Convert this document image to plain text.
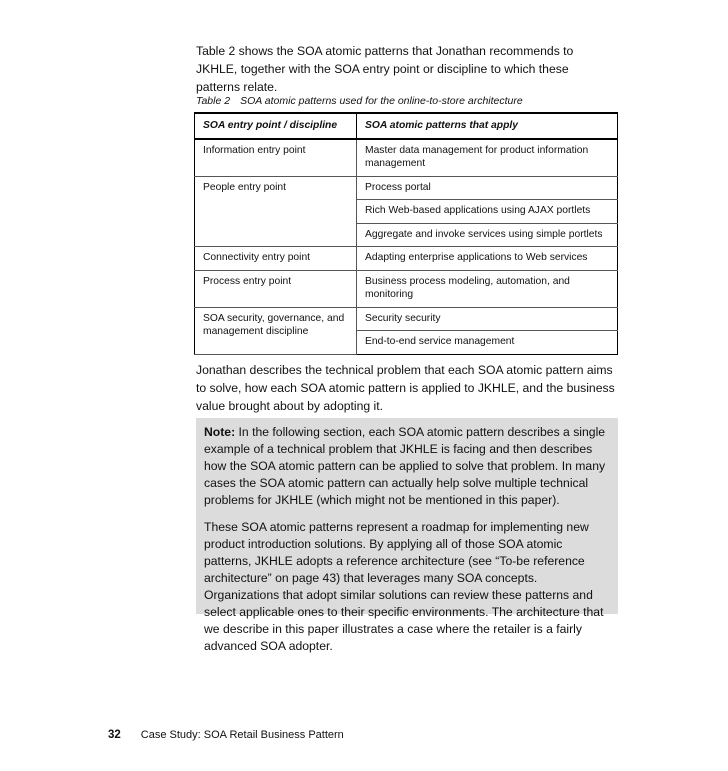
Table 2 shows the SOA atomic patterns that Jonathan recommends to JKHLE, together with the SOA entry point or discipline to which these patterns relate.

Table 2 SOA atomic patterns used for the online-to-store architecture

SOA entry point / discipline	SOA atomic patterns that apply
Information entry point	Master data management for product information management
People entry point	Process portal
	Rich Web-based applications using AJAX portlets
	Aggregate and invoke services using simple portlets
Connectivity entry point	Adapting enterprise applications to Web services
Process entry point	Business process modeling, automation, and monitoring
SOA security, governance, and management discipline	Security security
	End-to-end service management

Jonathan describes the technical problem that each SOA atomic pattern aims to solve, how each SOA atomic pattern is applied to JKHLE, and the business value brought about by adopting it.

Note: In the following section, each SOA atomic pattern describes a single example of a technical problem that JKHLE is facing and then describes how the SOA atomic pattern can be applied to solve that problem. In many cases the SOA atomic pattern can actually help solve multiple technical problems for JKHLE (which might not be mentioned in this paper).

These SOA atomic patterns represent a roadmap for implementing new product introduction solutions. By applying all of those SOA atomic patterns, JKHLE adopts a reference architecture (see “To-be reference architecture” on page 43) that leverages many SOA concepts. Organizations that adopt similar solutions can review these patterns and select applicable ones to their specific environments. The architecture that we describe in this paper illustrates a case where the retailer is a fairly advanced SOA adopter.

32 Case Study: SOA Retail Business Pattern
